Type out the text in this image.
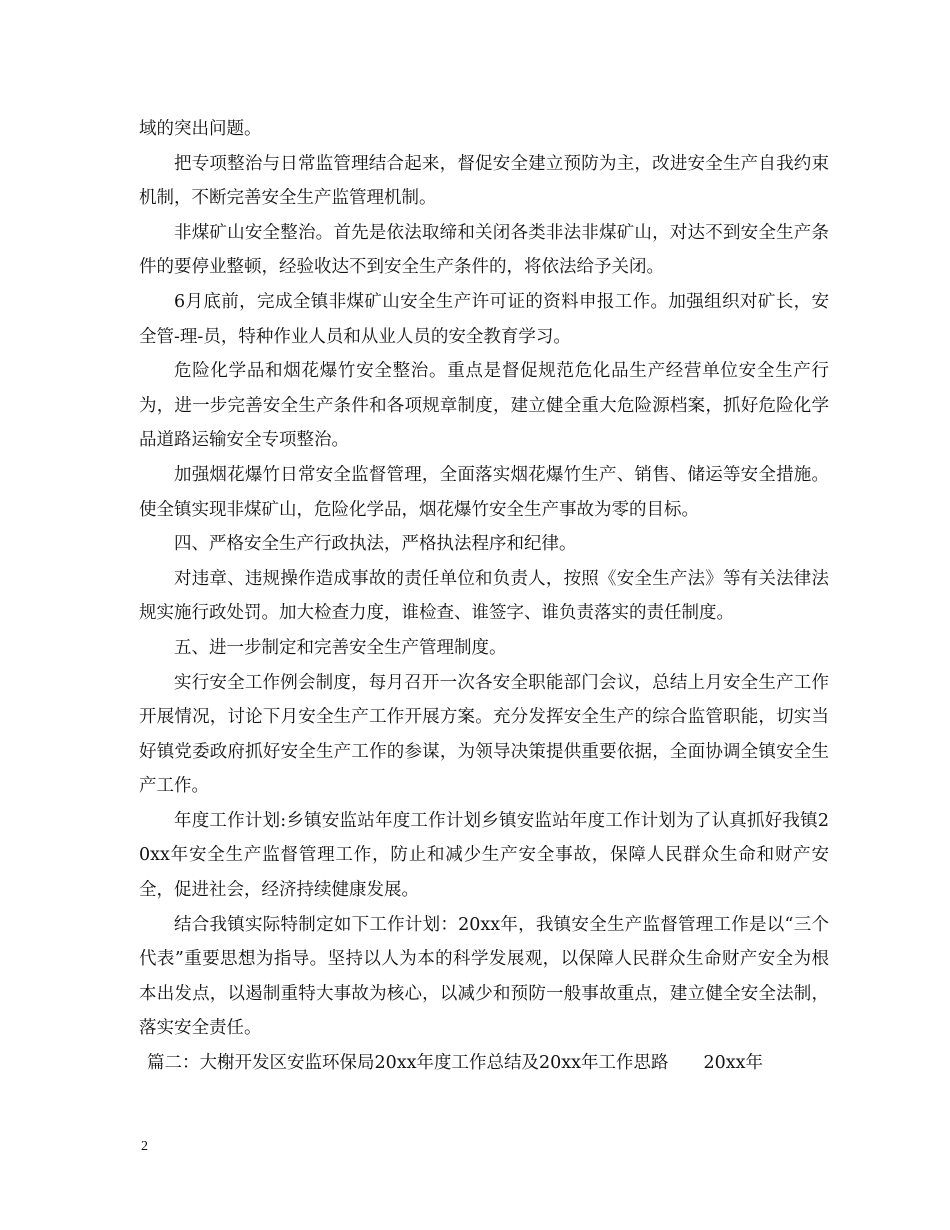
域的突出问题。

把专项整治与日常监管理结合起来，督促安全建立预防为主，改进安全生产自我约束机制，不断完善安全生产监管理机制。

非煤矿山安全整治。首先是依法取缔和关闭各类非法非煤矿山，对达不到安全生产条件的要停业整顿，经验收达不到安全生产条件的，将依法给予关闭。

6月底前，完成全镇非煤矿山安全生产许可证的资料申报工作。加强组织对矿长，安全管-理-员，特种作业人员和从业人员的安全教育学习。

危险化学品和烟花爆竹安全整治。重点是督促规范危化品生产经营单位安全生产行为，进一步完善安全生产条件和各项规章制度，建立健全重大危险源档案，抓好危险化学品道路运输安全专项整治。

加强烟花爆竹日常安全监督管理，全面落实烟花爆竹生产、销售、储运等安全措施。使全镇实现非煤矿山，危险化学品，烟花爆竹安全生产事故为零的目标。

四、严格安全生产行政执法，严格执法程序和纪律。

对违章、违规操作造成事故的责任单位和负责人，按照《安全生产法》等有关法律法规实施行政处罚。加大检查力度，谁检查、谁签字、谁负责落实的责任制度。

五、进一步制定和完善安全生产管理制度。

实行安全工作例会制度，每月召开一次各安全职能部门会议，总结上月安全生产工作开展情况，讨论下月安全生产工作开展方案。充分发挥安全生产的综合监管职能，切实当好镇党委政府抓好安全生产工作的参谋，为领导决策提供重要依据，全面协调全镇安全生产工作。

年度工作计划:乡镇安监站年度工作计划乡镇安监站年度工作计划为了认真抓好我镇20xx年安全生产监督管理工作，防止和减少生产安全事故，保障人民群众生命和财产安全，促进社会，经济持续健康发展。

结合我镇实际特制定如下工作计划：20xx年，我镇安全生产监督管理工作是以“三个代表”重要思想为指导。坚持以人为本的科学发展观，以保障人民群众生命财产安全为根本出发点，以遏制重特大事故为核心，以减少和预防一般事故重点，建立健全安全法制，落实安全责任。

篇二：大榭开发区安监环保局20xx年度工作总结及20xx年工作思路　　20xx年

2
